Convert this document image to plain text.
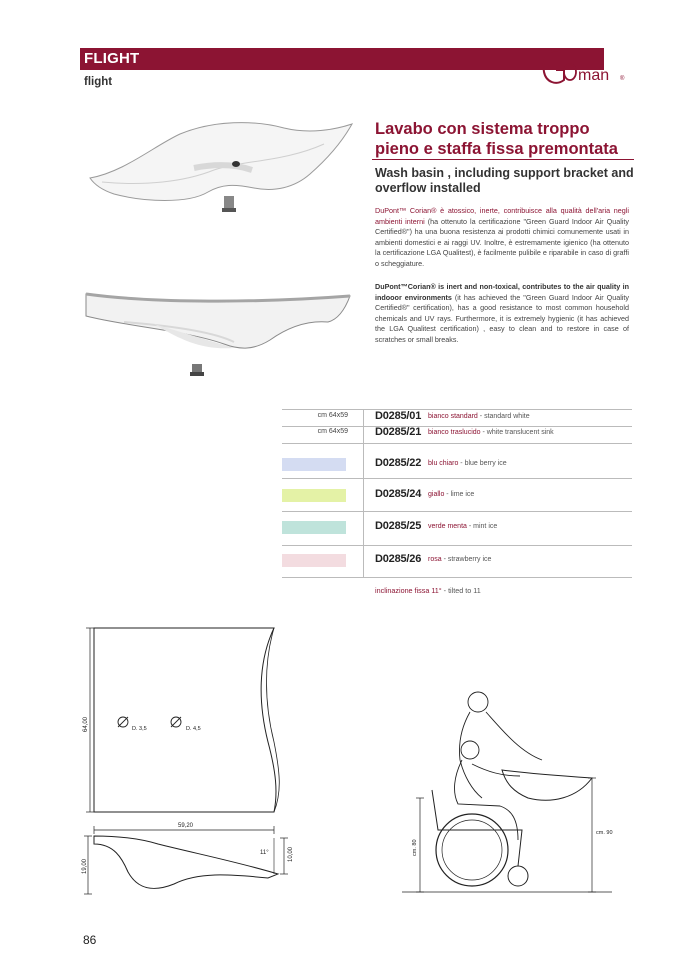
FLIGHT
flight	man ®
Lavabo con sistema troppo pieno e staffa fissa premontata
Wash basin , including support bracket and overflow installed
DuPont™ Corian® è atossico, inerte, contribuisce alla qualità dell'aria negli ambienti interni (ha ottenuto la certificazione "Green Guard Indoor Air Quality Certified®") ha una buona resistenza ai prodotti chimici comunemente usati in ambienti domestici e ai raggi UV. Inoltre, è estremamente igienico (ha ottenuto la certificazione LGA Qualitest), è facilmente pulibile e riparabile in caso di graffi o scheggiature.
DuPont™Corian® is inert and non-toxical, contributes to the air quality in indooor environments (it has achieved the "Green Guard Indoor Air Quality Certified®" certification), has a good resistance to most common household chemicals and UV rays. Furthermore, it is extremely hygienic (it has achieved the LGA Qualitest certification) , easy to clean and to restore in case of scratches or small breaks.
cm 64x59 D0285/01 bianco standard - standard white
cm 64x59 D0285/21 bianco traslucido - white translucent sink
D0285/22 blu chiaro - blue berry ice
D0285/24 giallo - lime ice
D0285/25 verde menta - mint ice
D0285/26 rosa - strawberry ice
inclinazione fissa 11° - tilted to 11
64,00	D. 3,5	D. 4,5
59,20
19,00
11°	10,00	cm. 80
cm. 90
86
